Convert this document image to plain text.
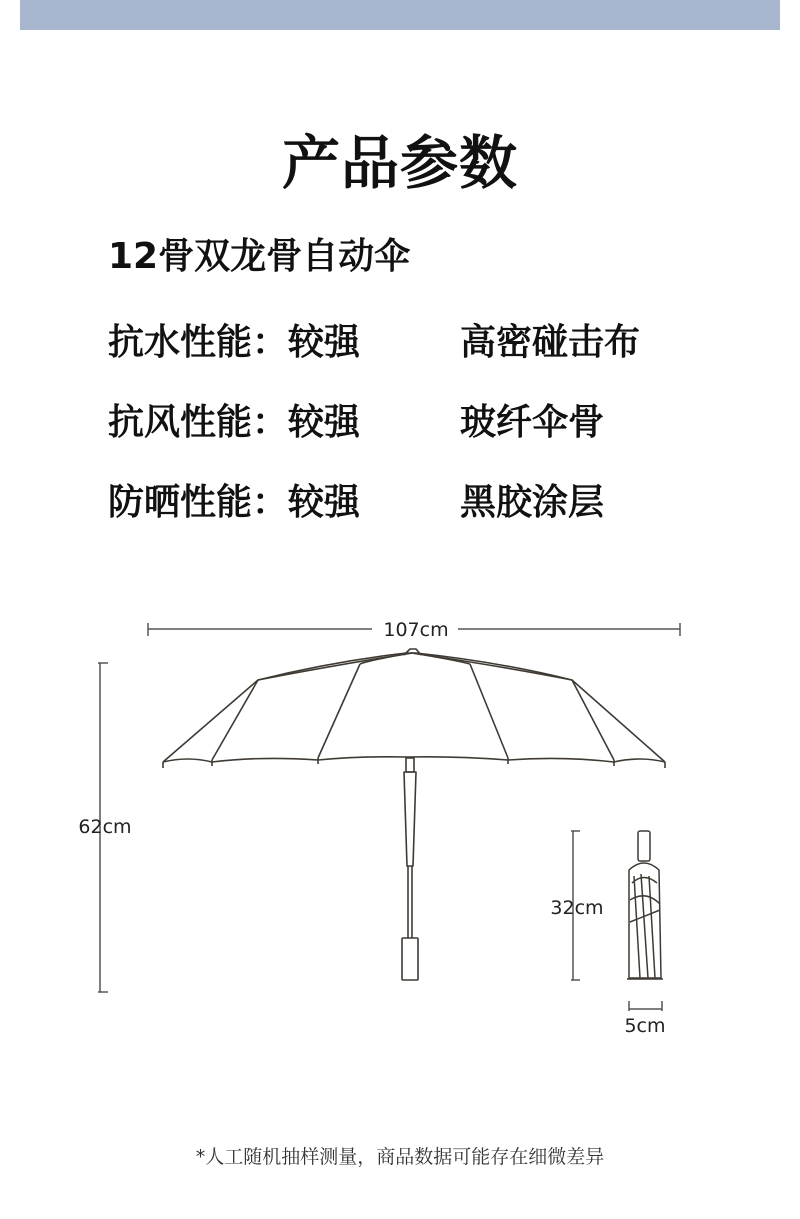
产品参数
12骨双龙骨自动伞
抗水性能：较强	高密碰击布
抗风性能：较强	玻纤伞骨
防晒性能：较强	黑胶涂层
107cm
62cm
32cm
5cm
*人工随机抽样测量，商品数据可能存在细微差异
